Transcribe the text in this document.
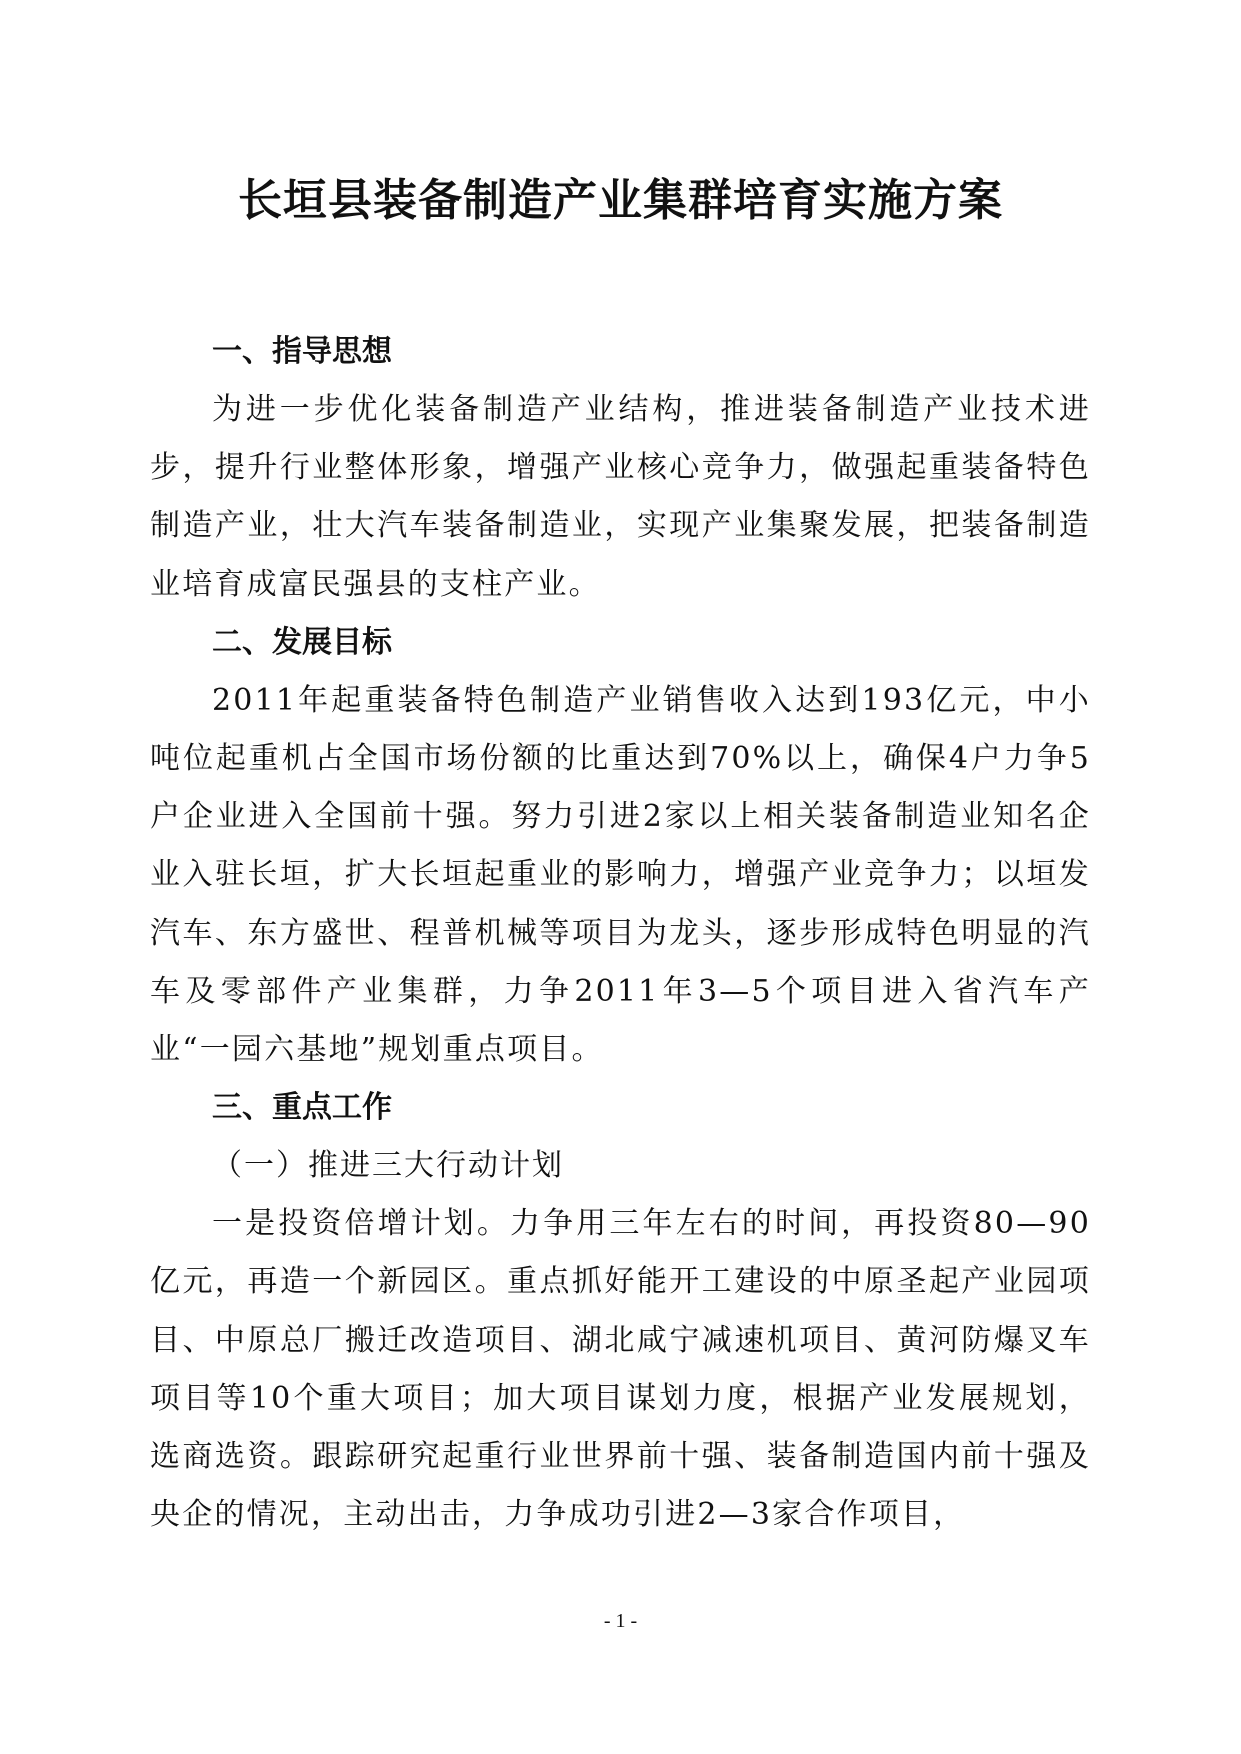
长垣县装备制造产业集群培育实施方案
一、指导思想

为进一步优化装备制造产业结构，推进装备制造产业技术进步，提升行业整体形象，增强产业核心竞争力，做强起重装备特色制造产业，壮大汽车装备制造业，实现产业集聚发展，把装备制造业培育成富民强县的支柱产业。

二、发展目标

2011年起重装备特色制造产业销售收入达到193亿元，中小吨位起重机占全国市场份额的比重达到70%以上，确保4户力争5户企业进入全国前十强。努力引进2家以上相关装备制造业知名企业入驻长垣，扩大长垣起重业的影响力，增强产业竞争力；以垣发汽车、东方盛世、程普机械等项目为龙头，逐步形成特色明显的汽车及零部件产业集群，力争2011年3—5个项目进入省汽车产业“一园六基地”规划重点项目。

三、重点工作
（一）推进三大行动计划

一是投资倍增计划。力争用三年左右的时间，再投资80—90亿元，再造一个新园区。重点抓好能开工建设的中原圣起产业园项目、中原总厂搬迁改造项目、湖北咸宁减速机项目、黄河防爆叉车项目等10个重大项目；加大项目谋划力度，根据产业发展规划，选商选资。跟踪研究起重行业世界前十强、装备制造国内前十强及央企的情况，主动出击，力争成功引进2—3家合作项目，

- 1 -
